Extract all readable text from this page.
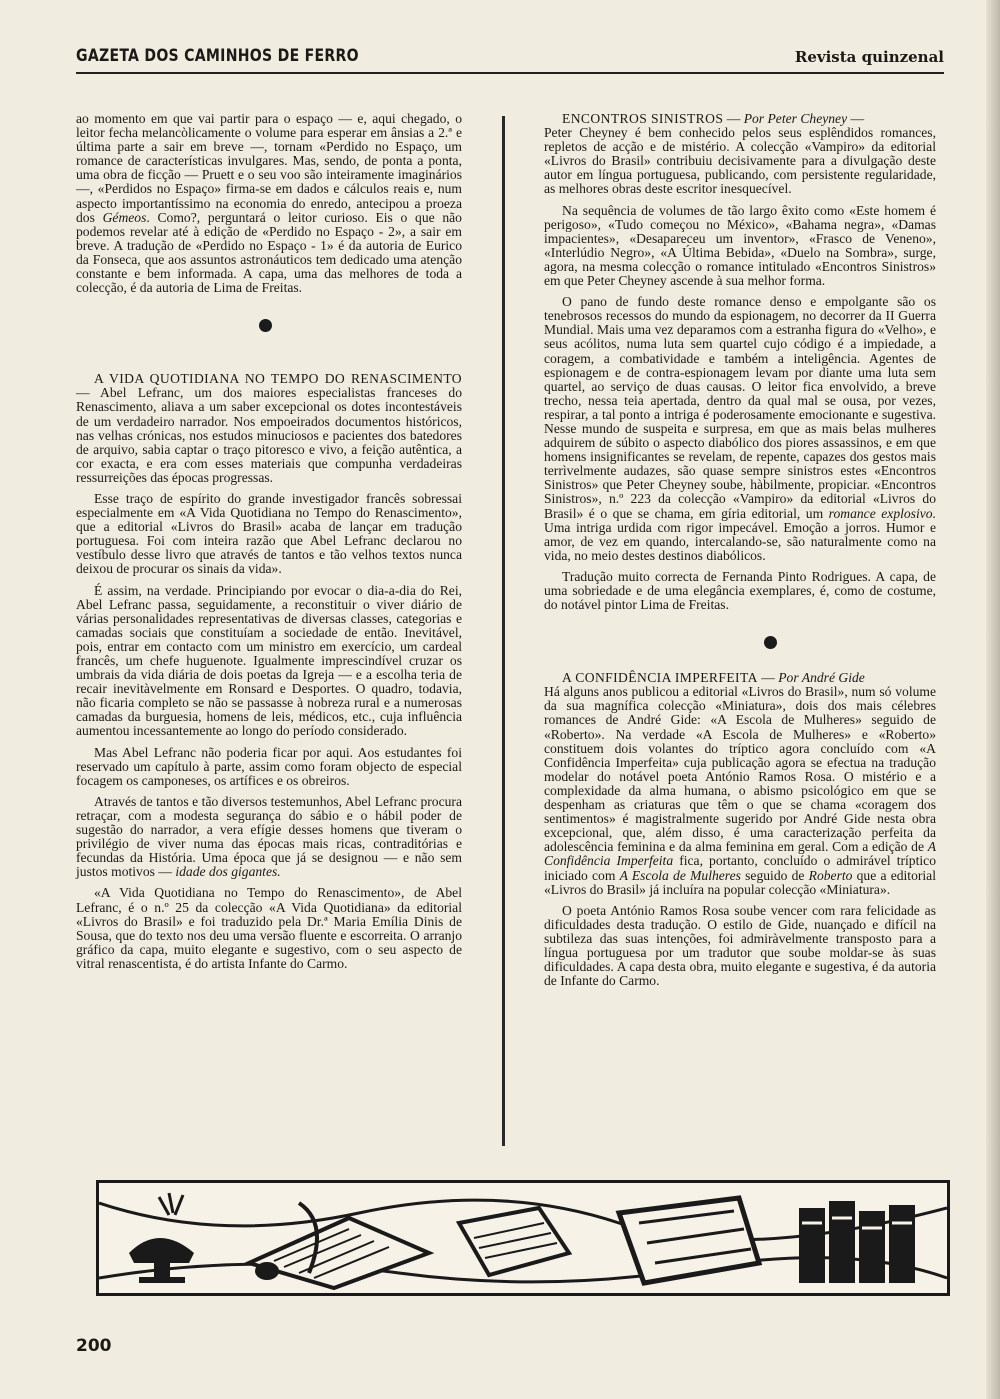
GAZETA DOS CAMINHOS DE FERRO	Revista quinzenal

ao momento em que vai partir para o espaço — e, aqui chegado, o leitor fecha melancòlicamente o volume para esperar em ânsias a 2.ª e última parte a sair em breve —, tornam «Perdido no Espaço, um romance de características invulgares. Mas, sendo, de ponta a ponta, uma obra de ficção — Pruett e o seu voo são inteiramente imaginários —, «Perdidos no Espaço» firma-se em dados e cálculos reais e, num aspecto importantíssimo na economia do enredo, antecipou a proeza dos Gémeos. Como?, perguntará o leitor curioso. Eis o que não podemos revelar até à edição de «Perdido no Espaço - 2», a sair em breve. A tradução de «Perdido no Espaço - 1» é da autoria de Eurico da Fonseca, que aos assuntos astronáuticos tem dedicado uma atenção constante e bem informada. A capa, uma das melhores de toda a colecção, é da autoria de Lima de Freitas.

A VIDA QUOTIDIANA NO TEMPO DO RENASCIMENTO — Abel Lefranc, um dos maiores especialistas franceses do Renascimento, aliava a um saber excepcional os dotes incontestáveis de um verdadeiro narrador. Nos empoeirados documentos históricos, nas velhas crónicas, nos estudos minuciosos e pacientes dos batedores de arquivo, sabia captar o traço pitoresco e vivo, a feição autêntica, a cor exacta, e era com esses materiais que compunha verdadeiras ressurreições das épocas progressas.

Esse traço de espírito do grande investigador francês sobressai especialmente em «A Vida Quotidiana no Tempo do Renascimento», que a editorial «Livros do Brasil» acaba de lançar em tradução portuguesa. Foi com inteira razão que Abel Lefranc declarou no vestíbulo desse livro que através de tantos e tão velhos textos nunca deixou de procurar os sinais da vida».

É assim, na verdade. Principiando por evocar o dia-a-dia do Rei, Abel Lefranc passa, seguidamente, a reconstituir o viver diário de várias personalidades representativas de diversas classes, categorias e camadas sociais que constituíam a sociedade de então. Inevitável, pois, entrar em contacto com um ministro em exercício, um cardeal francês, um chefe huguenote. Igualmente imprescindível cruzar os umbrais da vida diária de dois poetas da Igreja — e a escolha teria de recair inevitàvelmente em Ronsard e Desportes. O quadro, todavia, não ficaria completo se não se passasse à nobreza rural e a numerosas camadas da burguesia, homens de leis, médicos, etc., cuja influência aumentou incessantemente ao longo do período considerado.

Mas Abel Lefranc não poderia ficar por aqui. Aos estudantes foi reservado um capítulo à parte, assim como foram objecto de especial focagem os camponeses, os artífices e os obreiros.

Através de tantos e tão diversos testemunhos, Abel Lefranc procura retraçar, com a modesta segurança do sábio e o hábil poder de sugestão do narrador, a vera efígie desses homens que tiveram o privilégio de viver numa das épocas mais ricas, contraditórias e fecundas da História. Uma época que já se designou — e não sem justos motivos — idade dos gigantes.

«A Vida Quotidiana no Tempo do Renascimento», de Abel Lefranc, é o n.º 25 da colecção «A Vida Quotidiana» da editorial «Livros do Brasil» e foi traduzido pela Dr.ª Maria Emília Dinis de Sousa, que do texto nos deu uma versão fluente e escorreita. O arranjo gráfico da capa, muito elegante e sugestivo, com o seu aspecto de vitral renascentista, é do artista Infante do Carmo.

ENCONTROS SINISTROS — Por Peter Cheyney —

Peter Cheyney é bem conhecido pelos seus esplêndidos romances, repletos de acção e de mistério. A colecção «Vampiro» da editorial «Livros do Brasil» contribuiu decisivamente para a divulgação deste autor em língua portuguesa, publicando, com persistente regularidade, as melhores obras deste escritor inesquecível.

Na sequência de volumes de tão largo êxito como «Este homem é perigoso», «Tudo começou no México», «Bahama negra», «Damas impacientes», «Desapareceu um inventor», «Frasco de Veneno», «Interlúdio Negro», «A Última Bebida», «Duelo na Sombra», surge, agora, na mesma colecção o romance intitulado «Encontros Sinistros» em que Peter Cheyney ascende à sua melhor forma.

O pano de fundo deste romance denso e empolgante são os tenebrosos recessos do mundo da espionagem, no decorrer da II Guerra Mundial. Mais uma vez deparamos com a estranha figura do «Velho», e seus acólitos, numa luta sem quartel cujo código é a impiedade, a coragem, a combatividade e também a inteligência. Agentes de espionagem e de contra-espionagem levam por diante uma luta sem quartel, ao serviço de duas causas. O leitor fica envolvido, a breve trecho, nessa teia apertada, dentro da qual mal se ousa, por vezes, respirar, a tal ponto a intriga é poderosamente emocionante e sugestiva. Nesse mundo de suspeita e surpresa, em que as mais belas mulheres adquirem de súbito o aspecto diabólico dos piores assassinos, e em que homens insignificantes se revelam, de repente, capazes dos gestos mais terrìvelmente audazes, são quase sempre sinistros estes «Encontros Sinistros» que Peter Cheyney soube, hàbilmente, propiciar. «Encontros Sinistros», n.º 223 da colecção «Vampiro» da editorial «Livros do Brasil» é o que se chama, em gíria editorial, um romance explosivo. Uma intriga urdida com rigor impecável. Emoção a jorros. Humor e amor, de vez em quando, intercalando-se, são naturalmente como na vida, no meio destes destinos diabólicos.

Tradução muito correcta de Fernanda Pinto Rodrigues. A capa, de uma sobriedade e de uma elegância exemplares, é, como de costume, do notável pintor Lima de Freitas.

A CONFIDÊNCIA IMPERFEITA — Por André Gide

Há alguns anos publicou a editorial «Livros do Brasil», num só volume da sua magnífica colecção «Miniatura», dois dos mais célebres romances de André Gide: «A Escola de Mulheres» seguido de «Roberto». Na verdade «A Escola de Mulheres» e «Roberto» constituem dois volantes do tríptico agora concluído com «A Confidência Imperfeita» cuja publicação agora se efectua na tradução modelar do notável poeta António Ramos Rosa. O mistério e a complexidade da alma humana, o abismo psicológico em que se despenham as criaturas que têm o que se chama «coragem dos sentimentos» é magistralmente sugerido por André Gide nesta obra excepcional, que, além disso, é uma caracterização perfeita da adolescência feminina e da alma feminina em geral. Com a edição de A Confidência Imperfeita fica, portanto, concluído o admirável tríptico iniciado com A Escola de Mulheres seguido de Roberto que a editorial «Livros do Brasil» já incluíra na popular colecção «Miniatura».

O poeta António Ramos Rosa soube vencer com rara felicidade as dificuldades desta tradução. O estilo de Gide, nuançado e difícil na subtileza das suas intenções, foi admiràvelmente transposto para a língua portuguesa por um tradutor que soube moldar-se às suas dificuldades. A capa desta obra, muito elegante e sugestiva, é da autoria de Infante do Carmo.

200
